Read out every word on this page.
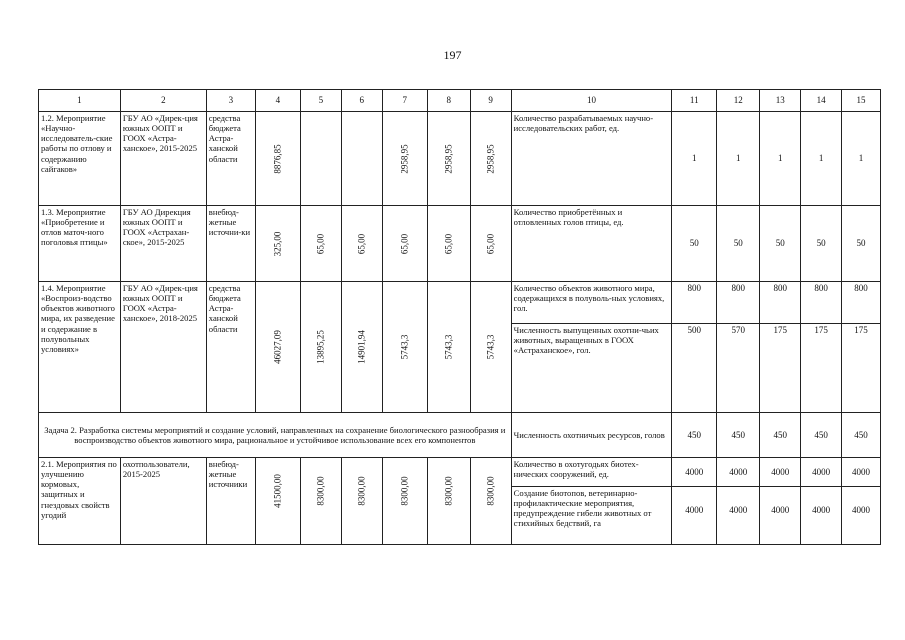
197
1	2	3	4	5	6	7	8	9	10	11	12	13	14	15
1.2. Мероприятие «Научно-исследователь-ские работы по отлову и содержанию сайгаков»	ГБУ АО «Дирек-ция южных ООПТ и ГООХ «Астра-ханское», 2015-2025	средства бюджета Астра-ханской области	8876,85			2958,95	2958,95	2958,95	Количество разрабатываемых научно-исследовательских работ, ед.	1	1	1	1	1
1.3. Мероприятие «Приобретение и отлов маточ-ного поголовья птицы»	ГБУ АО Дирекция южных ООПТ и ГООХ «Астрахан-ское», 2015-2025	внебюд-жетные источни-ки	325,00	65,00	65,00	65,00	65,00	65,00	Количество приобретённых и отловленных голов птицы, ед.	50	50	50	50	50
1.4. Мероприятие «Воспроиз-водство объектов животного мира, их разведение и содержание в полувольных условиях»	ГБУ АО «Дирек-ция южных ООПТ и ГООХ «Астра-ханское», 2018-2025	средства бюджета Астра-ханской области	46027,09	13895,25	14901,94	5743,3	5743,3	5743,3	Количество объектов животного мира, содержащихся в полуволь-ных условиях, гол.	800	800	800	800	800
									Численность выпущенных охотни-чьих животных, выращенных в ГООХ «Астраханское», гол.	500	570	175	175	175
Задача 2. Разработка системы мероприятий и создание условий, направленных на сохранение биологического разнообразия и воспроизводство объектов животного мира, рациональное и устойчивое использование всех его компонентов									Численность охотничьих ресурсов, голов	450	450	450	450	450
2.1. Мероприятия по улучшению кормовых, защитных и гнездовых свойств угодий	охотпользователи, 2015-2025	внебюд-жетные источники	41500,00	8300,00	8300,00	8300,00	8300,00	8300,00	Количество в охотугодьях биотех-нических сооружений, ед.	4000	4000	4000	4000	4000
									Создание биотопов, ветеринарно-профилактические мероприятия, предупреждение гибели животных от стихийных бедствий, га	4000	4000	4000	4000	4000
